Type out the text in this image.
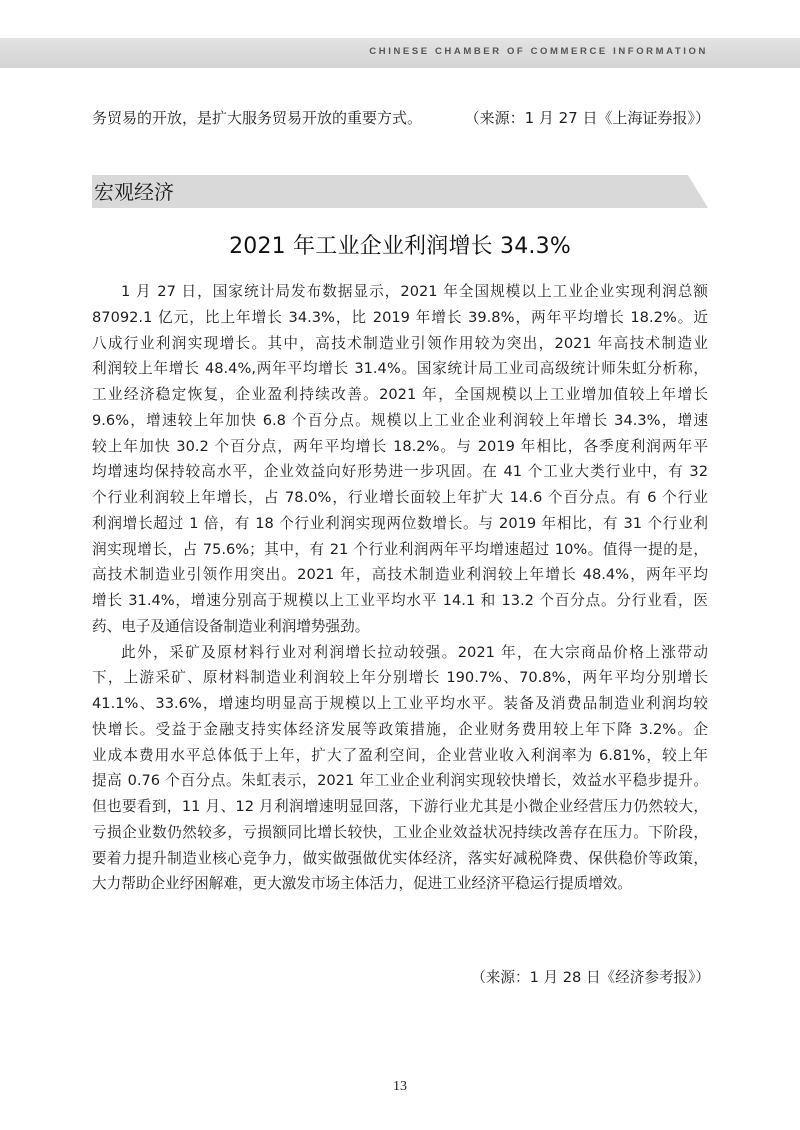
CHINESE CHAMBER OF COMMERCE INFORMATION
务贸易的开放，是扩大服务贸易开放的重要方式。	（来源：1 月 27 日《上海证券报》）
宏观经济
2021 年工业企业利润增长 34.3%
1 月 27 日，国家统计局发布数据显示，2021 年全国规模以上工业企业实现利润总额
87092.1 亿元，比上年增长 34.3%，比 2019 年增长 39.8%，两年平均增长 18.2%。近
八成行业利润实现增长。其中，高技术制造业引领作用较为突出，2021 年高技术制造业
利润较上年增长 48.4%,两年平均增长 31.4%。国家统计局工业司高级统计师朱虹分析称，
工业经济稳定恢复，企业盈利持续改善。2021 年，全国规模以上工业增加值较上年增长
9.6%，增速较上年加快 6.8 个百分点。规模以上工业企业利润较上年增长 34.3%，增速
较上年加快 30.2 个百分点，两年平均增长 18.2%。与 2019 年相比，各季度利润两年平
均增速均保持较高水平，企业效益向好形势进一步巩固。在 41 个工业大类行业中，有 32
个行业利润较上年增长，占 78.0%，行业增长面较上年扩大 14.6 个百分点。有 6 个行业
利润增长超过 1 倍，有 18 个行业利润实现两位数增长。与 2019 年相比，有 31 个行业利
润实现增长，占 75.6%；其中，有 21 个行业利润两年平均增速超过 10%。值得一提的是，
高技术制造业引领作用突出。2021 年，高技术制造业利润较上年增长 48.4%，两年平均
增长 31.4%，增速分别高于规模以上工业平均水平 14.1 和 13.2 个百分点。分行业看，医
药、电子及通信设备制造业利润增势强劲。
此外，采矿及原材料行业对利润增长拉动较强。2021 年，在大宗商品价格上涨带动
下，上游采矿、原材料制造业利润较上年分别增长 190.7%、70.8%，两年平均分别增长
41.1%、33.6%，增速均明显高于规模以上工业平均水平。装备及消费品制造业利润均较
快增长。受益于金融支持实体经济发展等政策措施，企业财务费用较上年下降 3.2%。企
业成本费用水平总体低于上年，扩大了盈利空间，企业营业收入利润率为 6.81%，较上年
提高 0.76 个百分点。朱虹表示，2021 年工业企业利润实现较快增长，效益水平稳步提升。
但也要看到，11 月、12 月利润增速明显回落，下游行业尤其是小微企业经营压力仍然较大，
亏损企业数仍然较多，亏损额同比增长较快，工业企业效益状况持续改善存在压力。下阶段，
要着力提升制造业核心竞争力，做实做强做优实体经济，落实好减税降费、保供稳价等政策，
大力帮助企业纾困解难，更大激发市场主体活力，促进工业经济平稳运行提质增效。
（来源：1 月 28 日《经济参考报》）
13
